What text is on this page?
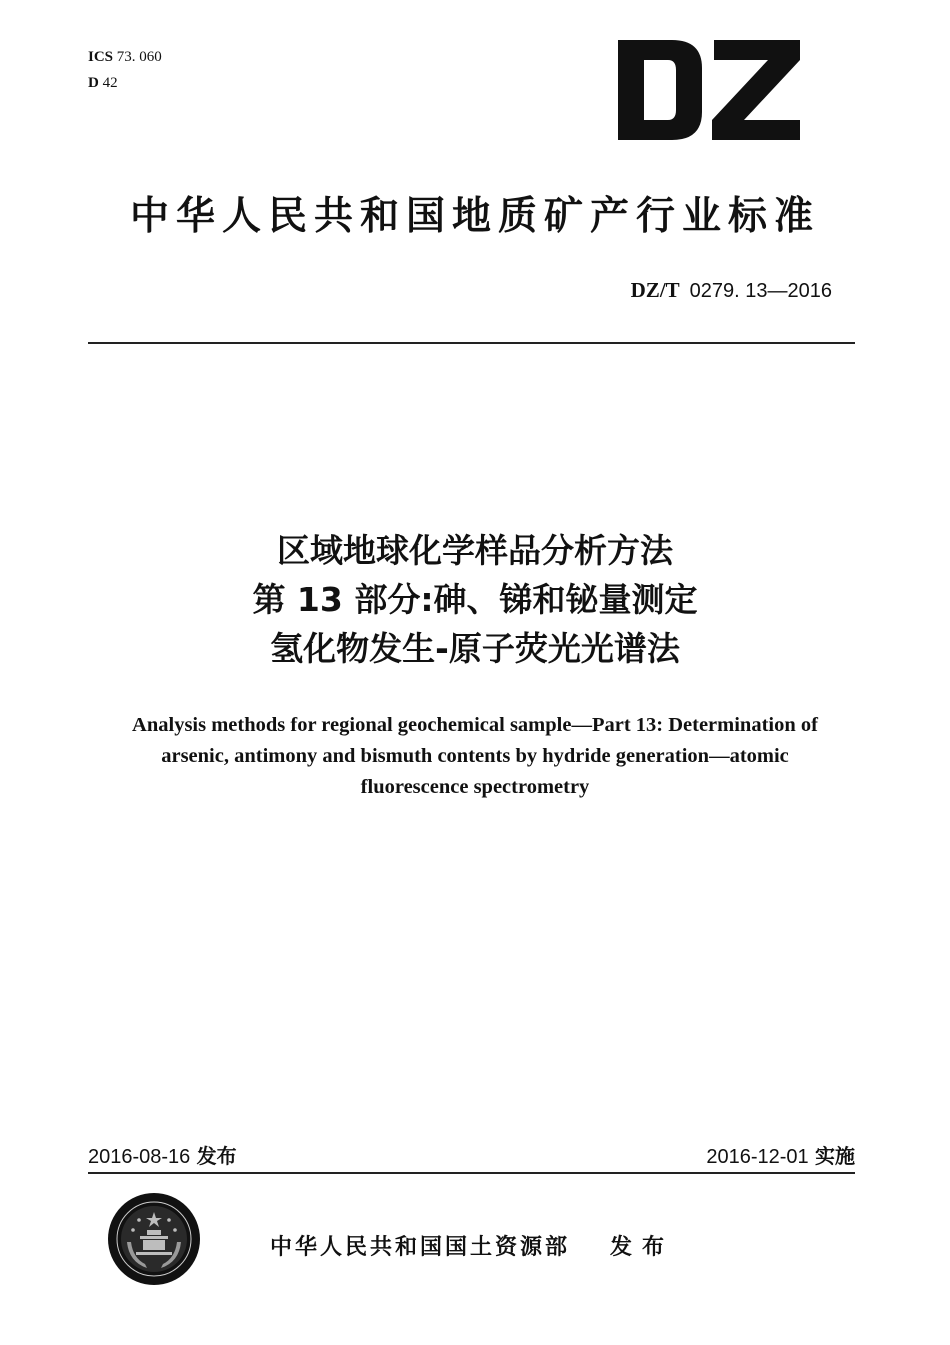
ICS 73. 060
D 42
中华人民共和国地质矿产行业标准
DZ/T 0279. 13—2016
区域地球化学样品分析方法
第 13 部分:砷、锑和铋量测定
氢化物发生-原子荧光光谱法
Analysis methods for regional geochemical sample—Part 13: Determination of
arsenic, antimony and bismuth contents by hydride generation—atomic
fluorescence spectrometry
2016-08-16 发布	2016-12-01 实施
中华人民共和国国土资源部 发布
